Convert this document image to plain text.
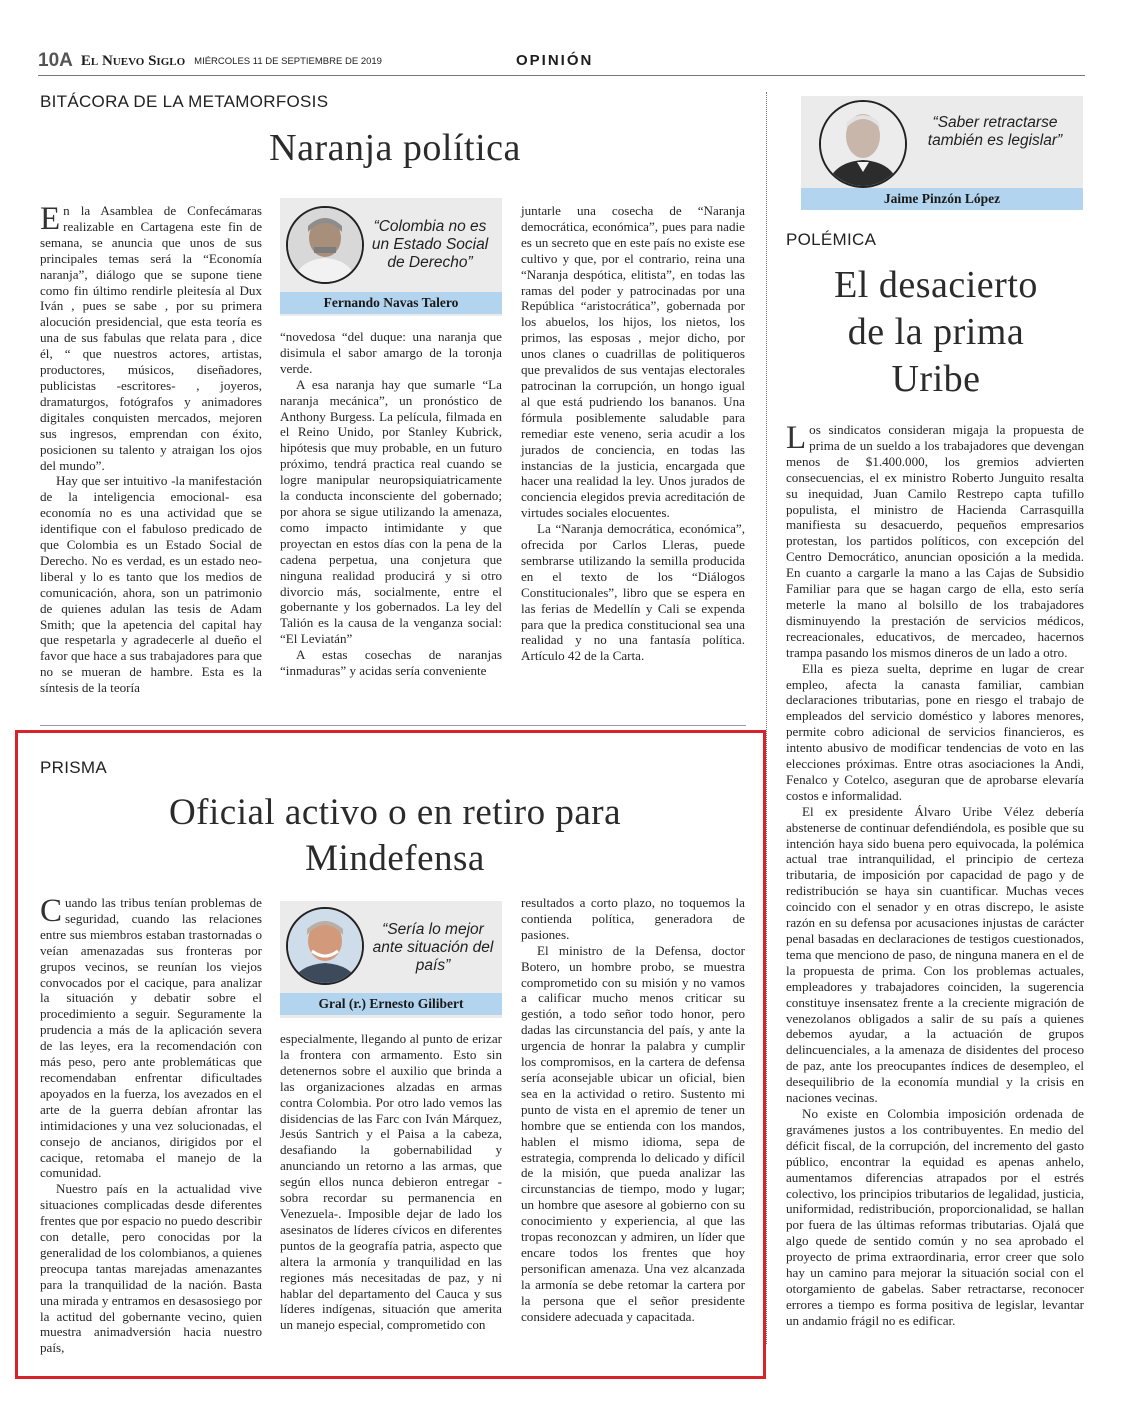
10A El Nuevo Siglo MIÉRCOLES 11 DE SEPTIEMBRE DE 2019	OPINIÓN
BITÁCORA DE LA METAMORFOSIS
Naranja política

En la Asamblea de Confecámaras realizable en Cartagena este fin de semana, se anuncia que unos de sus principales temas será la “Economía naranja”, diálogo que se supone tiene como fin último rendirle pleitesía al Dux Iván , pues se sabe , por su primera alocución presidencial, que esta teoría es una de sus fabulas que relata para , dice él, “ que nuestros actores, artistas, productores, músicos, diseñadores, publicistas -escritores- , joyeros, dramaturgos, fotógrafos y animadores digitales conquisten mercados, mejoren sus ingresos, emprendan con éxito, posicionen su talento y atraigan los ojos del mundo”.

Hay que ser intuitivo -la manifestación de la inteligencia emocional- esa economía no es una actividad que se identifique con el fabuloso predicado de que Colombia es un Estado Social de Derecho. No es verdad, es un estado neo-liberal y lo es tanto que los medios de comunicación, ahora, son un patrimonio de quienes adulan las tesis de Adam Smith; que la apetencia del capital hay que respetarla y agradecerle al dueño el favor que hace a sus trabajadores para que no se mueran de hambre. Esta es la síntesis de la teoría

“Colombia no es un Estado Social de Derecho”
Fernando Navas Talero

“novedosa “del duque: una naranja que disimula el sabor amargo de la toronja verde.

A esa naranja hay que sumarle “La naranja mecánica”, un pronóstico de Anthony Burgess. La película, filmada en el Reino Unido, por Stanley Kubrick, hipótesis que muy probable, en un futuro próximo, tendrá practica real cuando se logre manipular neuropsiquiatricamente la conducta inconsciente del gobernado; por ahora se sigue utilizando la amenaza, como impacto intimidante y que proyectan en estos días con la pena de la cadena perpetua, una conjetura que ninguna realidad producirá y si otro divorcio más, socialmente, entre el gobernante y los gobernados. La ley del Talión es la causa de la venganza social: “El Leviatán”

A estas cosechas de naranjas “inmaduras” y acidas sería conveniente

juntarle una cosecha de “Naranja democrática, económica”, pues para nadie es un secreto que en este país no existe ese cultivo y que, por el contrario, reina una “Naranja despótica, elitista”, en todas las ramas del poder y patrocinadas por una República “aristocrática”, gobernada por los abuelos, los hijos, los nietos, los primos, las esposas , mejor dicho, por unos clanes o cuadrillas de politiqueros que prevalidos de sus ventajas electorales patrocinan la corrupción, un hongo igual al que está pudriendo los bananos. Una fórmula posiblemente saludable para remediar este veneno, seria acudir a los jurados de conciencia, en todas las instancias de la justicia, encargada que hacer una realidad la ley. Unos jurados de conciencia elegidos previa acreditación de virtudes sociales elocuentes.

La “Naranja democrática, económica”, ofrecida por Carlos Lleras, puede sembrarse utilizando la semilla producida en el texto de los “Diálogos Constitucionales”, libro que se espera en las ferias de Medellín y Cali se expenda para que la predica constitucional sea una realidad y no una fantasía política. Artículo 42 de la Carta.

“Saber retractarse también es legislar”
Jaime Pinzón López
POLÉMICA
El desacierto
de la prima
Uribe

Los sindicatos consideran migaja la propuesta de prima de un sueldo a los trabajadores que devengan menos de $1.400.000, los gremios advierten consecuencias, el ex ministro Roberto Junguito resalta su inequidad, Juan Camilo Restrepo capta tufillo populista, el ministro de Hacienda Carrasquilla manifiesta su desacuerdo, pequeños empresarios protestan, los partidos políticos, con excepción del Centro Democrático, anuncian oposición a la medida. En cuanto a cargarle la mano a las Cajas de Subsidio Familiar para que se hagan cargo de ella, esto sería meterle la mano al bolsillo de los trabajadores disminuyendo la prestación de servicios médicos, recreacionales, educativos, de mercadeo, hacernos trampa pasando los mismos dineros de un lado a otro.

Ella es pieza suelta, deprime en lugar de crear empleo, afecta la canasta familiar, cambian declaraciones tributarias, pone en riesgo el trabajo de empleados del servicio doméstico y labores menores, permite cobro adicional de servicios financieros, es intento abusivo de modificar tendencias de voto en las elecciones próximas. Entre otras asociaciones la Andi, Fenalco y Cotelco, aseguran que de aprobarse elevaría costos e informalidad.

El ex presidente Álvaro Uribe Vélez debería abstenerse de continuar defendiéndola, es posible que su intención haya sido buena pero equivocada, la polémica actual trae intranquilidad, el principio de certeza tributaria, de imposición por capacidad de pago y de redistribución se haya sin cuantificar. Muchas veces coincido con el senador y en otras discrepo, le asiste razón en su defensa por acusaciones injustas de carácter penal basadas en declaraciones de testigos cuestionados, tema que menciono de paso, de ninguna manera en el de la propuesta de prima. Con los problemas actuales, empleadores y trabajadores coinciden, la sugerencia constituye insensatez frente a la creciente migración de venezolanos obligados a salir de su país a quienes debemos ayudar, a la actuación de grupos delincuenciales, a la amenaza de disidentes del proceso de paz, ante los preocupantes índices de desempleo, el desequilibrio de la economía mundial y la crisis en naciones vecinas.

No existe en Colombia imposición ordenada de gravámenes justos a los contribuyentes. En medio del déficit fiscal, de la corrupción, del incremento del gasto público, encontrar la equidad es apenas anhelo, aumentamos diferencias atrapados por el estrés colectivo, los principios tributarios de legalidad, justicia, uniformidad, redistribución, proporcionalidad, se hallan por fuera de las últimas reformas tributarias. Ojalá que algo quede de sentido común y no sea aprobado el proyecto de prima extraordinaria, error creer que solo hay un camino para mejorar la situación social con el otorgamiento de gabelas. Saber retractarse, reconocer errores a tiempo es forma positiva de legislar, levantar un andamio frágil no es edificar.

PRISMA
Oficial activo o en retiro para
Mindefensa

Cuando las tribus tenían problemas de seguridad, cuando las relaciones entre sus miembros estaban trastornadas o veían amenazadas sus fronteras por grupos vecinos, se reunían los viejos convocados por el cacique, para analizar la situación y debatir sobre el procedimiento a seguir. Seguramente la prudencia a más de la aplicación severa de las leyes, era la recomendación con más peso, pero ante problemáticas que recomendaban enfrentar dificultades apoyados en la fuerza, los avezados en el arte de la guerra debían afrontar las intimidaciones y una vez solucionadas, el consejo de ancianos, dirigidos por el cacique, retomaba el manejo de la comunidad.

Nuestro país en la actualidad vive situaciones complicadas desde diferentes frentes que por espacio no puedo describir con detalle, pero conocidas por la generalidad de los colombianos, a quienes preocupa tantas marejadas amenazantes para la tranquilidad de la nación. Basta una mirada y entramos en desasosiego por la actitud del gobernante vecino, quien muestra animadversión hacia nuestro país,

“Sería lo mejor ante situación del país”
Gral (r.) Ernesto Gilibert

especialmente, llegando al punto de erizar la frontera con armamento. Esto sin detenernos sobre el auxilio que brinda a las organizaciones alzadas en armas contra Colombia. Por otro lado vemos las disidencias de las Farc con Iván Márquez, Jesús Santrich y el Paisa a la cabeza, desafiando la gobernabilidad y anunciando un retorno a las armas, que según ellos nunca debieron entregar -sobra recordar su permanencia en Venezuela-. Imposible dejar de lado los asesinatos de líderes cívicos en diferentes puntos de la geografía patria, aspecto que altera la armonía y tranquilidad en las regiones más necesitadas de paz, y ni hablar del departamento del Cauca y sus líderes indígenas, situación que amerita un manejo especial, comprometido con

resultados a corto plazo, no toquemos la contienda política, generadora de pasiones.

El ministro de la Defensa, doctor Botero, un hombre probo, se muestra comprometido con su misión y no vamos a calificar mucho menos criticar su gestión, a todo señor todo honor, pero dadas las circunstancia del país, y ante la urgencia de honrar la palabra y cumplir los compromisos, en la cartera de defensa sería aconsejable ubicar un oficial, bien sea en la actividad o retiro. Sustento mi punto de vista en el apremio de tener un hombre que se entienda con los mandos, hablen el mismo idioma, sepa de estrategia, comprenda lo delicado y difícil de la misión, que pueda analizar las circunstancias de tiempo, modo y lugar; un hombre que asesore al gobierno con su conocimiento y experiencia, al que las tropas reconozcan y admiren, un líder que encare todos los frentes que hoy personifican amenaza. Una vez alcanzada la armonía se debe retomar la cartera por la persona que el señor presidente considere adecuada y capacitada.
